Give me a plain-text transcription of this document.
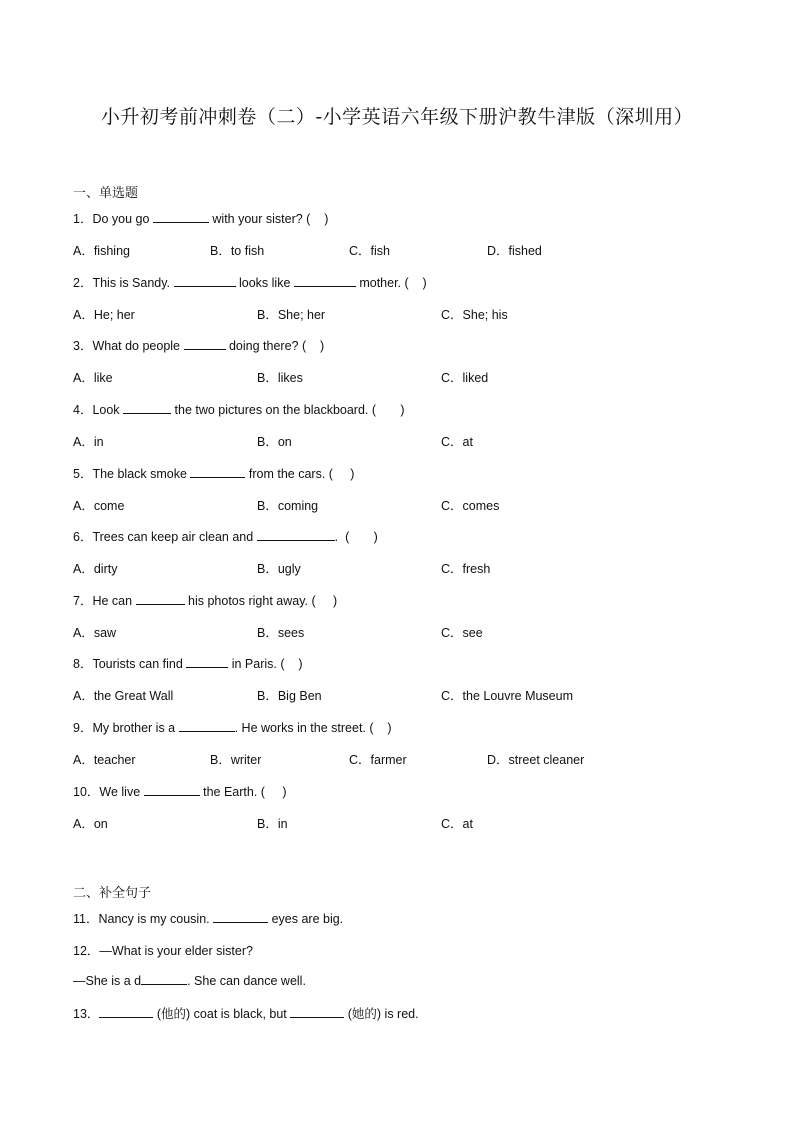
小升初考前冲刺卷（二）-小学英语六年级下册沪教牛津版（深圳用）
一、单选题
1．Do you go	with your sister? (    )
A．fishing	B．to fish	C．fish	D．fished
2．This is Sandy.	looks like	mother. (    )
A．He; her	B．She; her	C．She; his
3．What do people	doing there? (    )
A．like	B．likes	C．liked
4．Look	the two pictures on the blackboard. (       )
A．in	B．on	C．at
5．The black smoke	from the cars. (     )
A．come	B．coming	C．comes
6．Trees can keep air clean and	.  (       )
A．dirty	B．ugly	C．fresh
7．He can	his photos right away. (     )
A．saw	B．sees	C．see
8．Tourists can find	in Paris. (    )
A．the Great Wall	B．Big Ben	C．the Louvre Museum
9．My brother is a	. He works in the street. (    )
A．teacher	B．writer	C．farmer	D．street cleaner
10．We live	the Earth. (     )
A．on	B．in	C．at
二、补全句子
11．Nancy is my cousin.	eyes are big.
12．—What is your elder sister?
—She is a d	. She can dance well.
13．	(他的) coat is black, but	(她的) is red.
